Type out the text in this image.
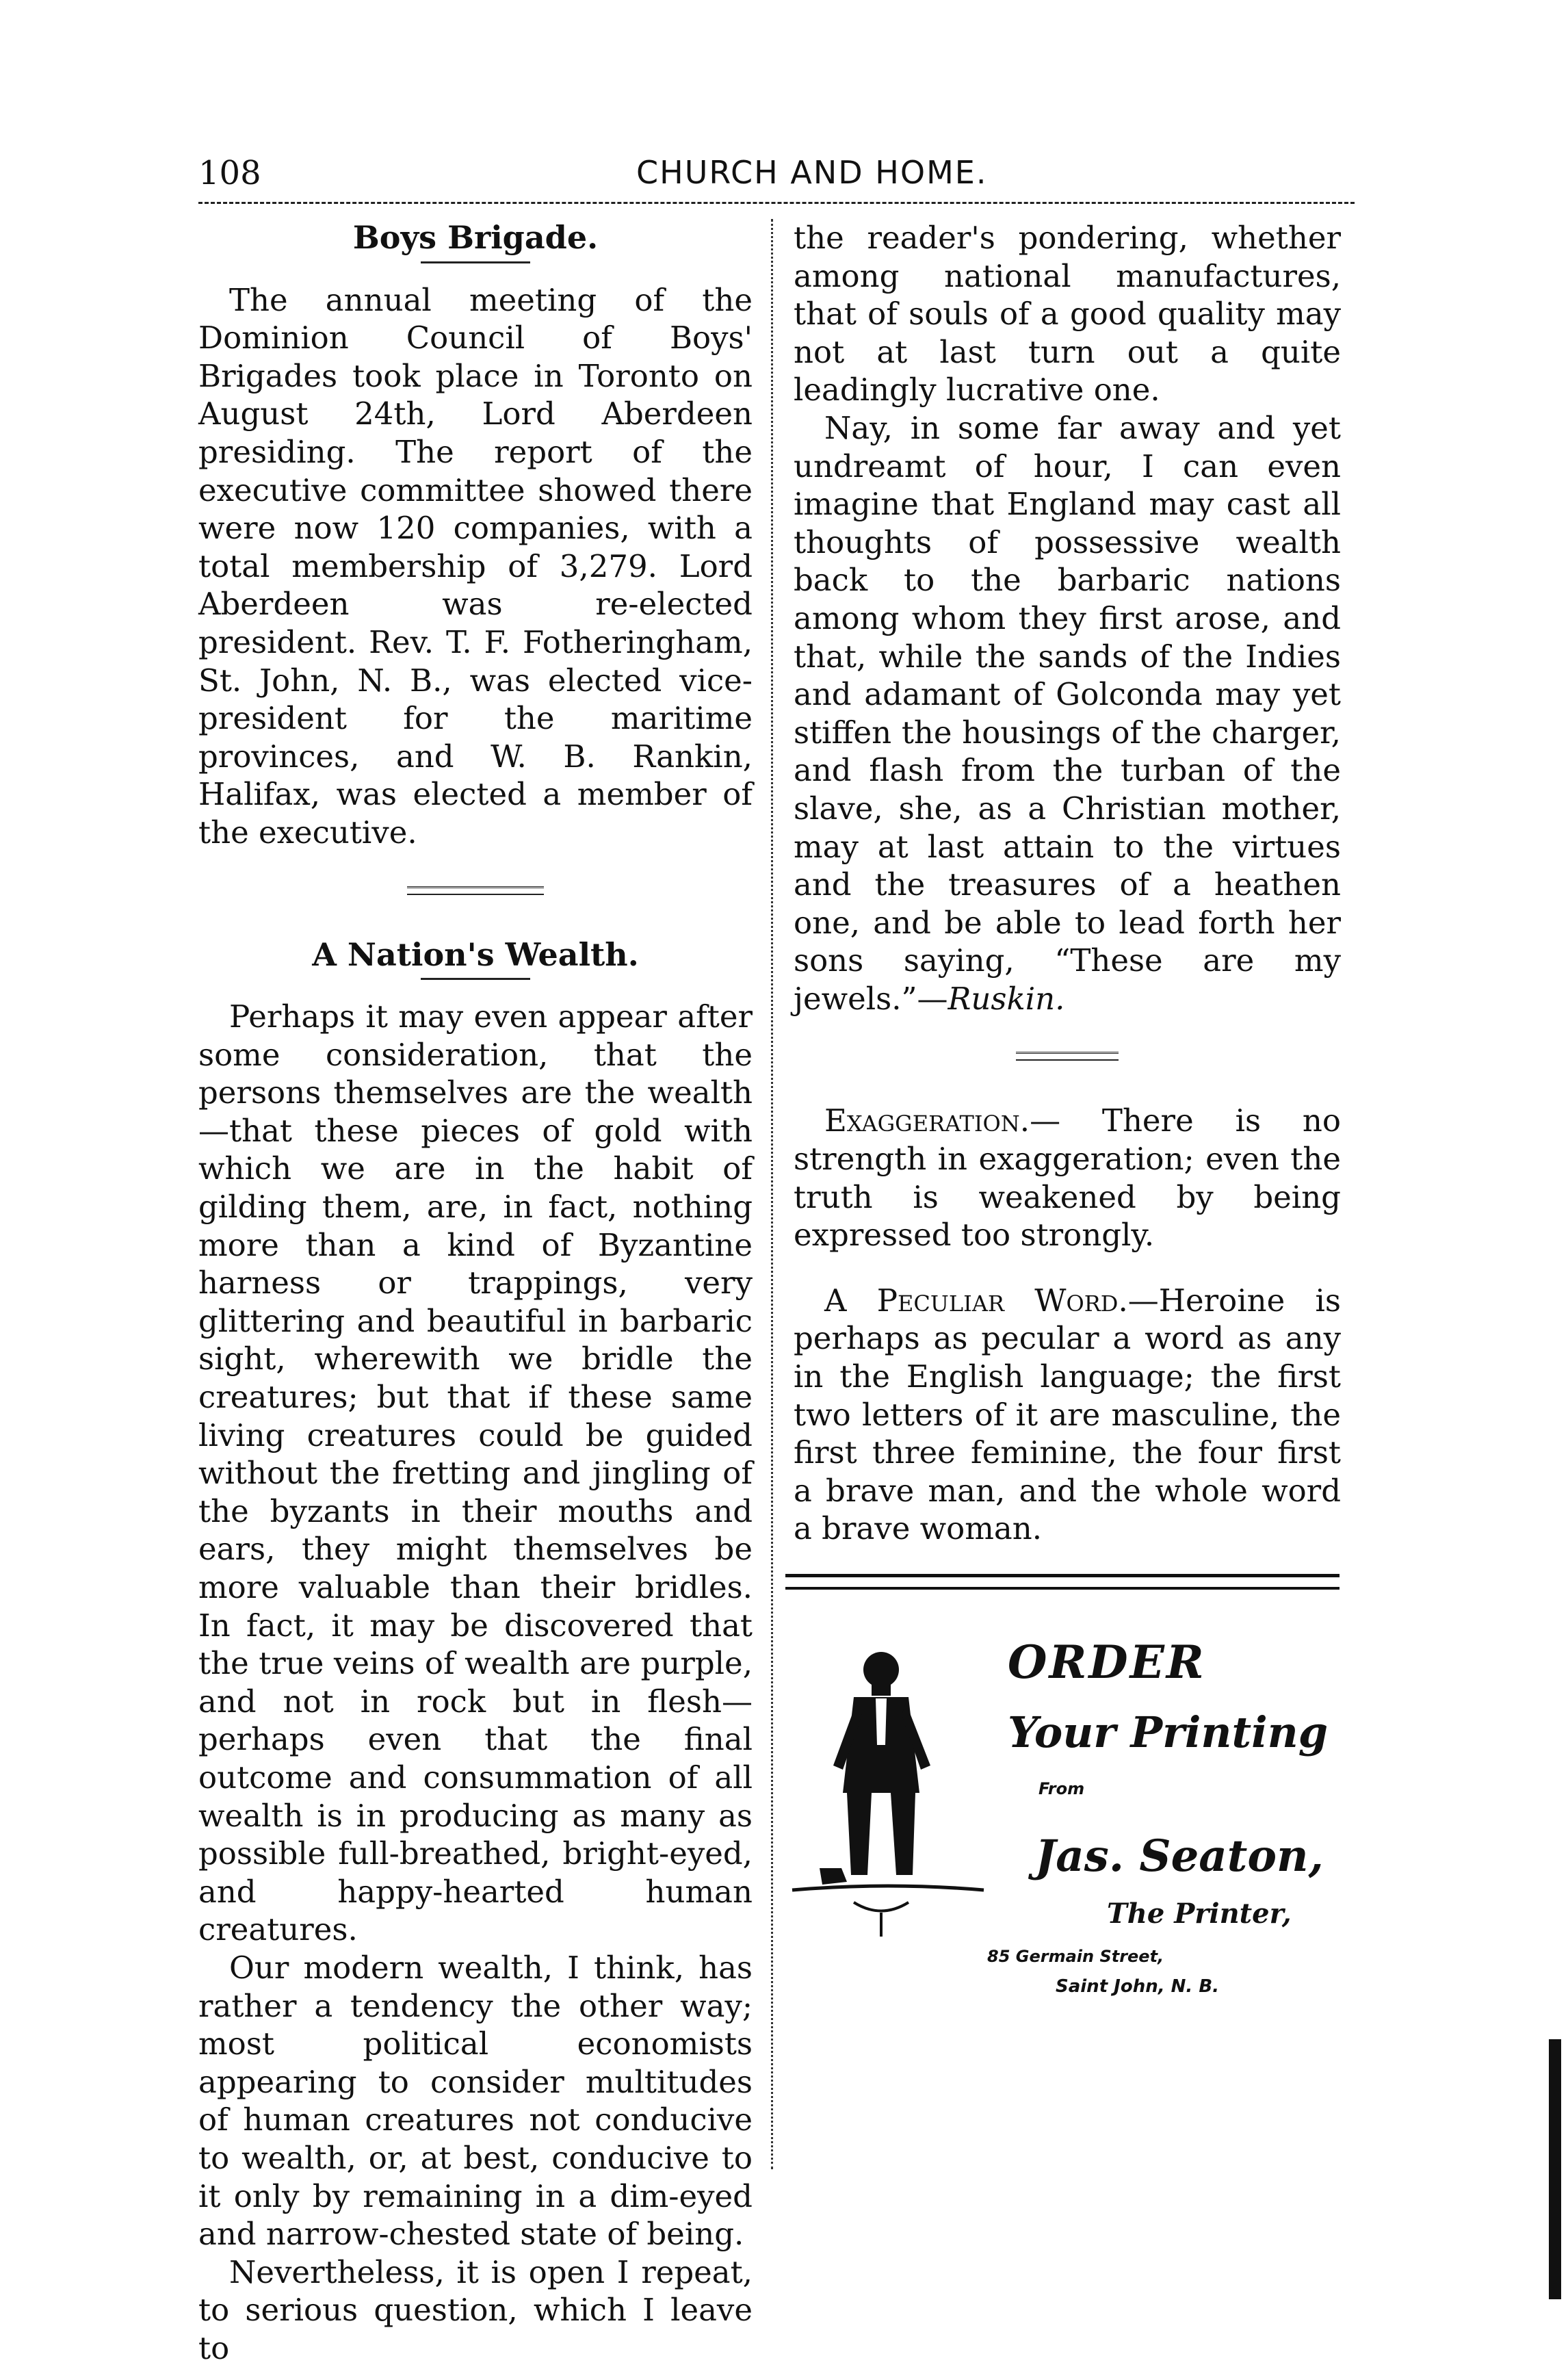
108	CHURCH AND HOME.
Boys Brigade.

The annual meeting of the Dominion Council of Boys' Brigades took place in Toronto on August 24th, Lord Aberdeen presiding. The report of the executive committee showed there were now 120 companies, with a total membership of 3,279. Lord Aberdeen was re-elected president. Rev. T. F. Fotheringham, St. John, N. B., was elected vice-president for the maritime provinces, and W. B. Rankin, Halifax, was elected a member of the executive.

A Nation's Wealth.

Perhaps it may even appear after some consideration, that the persons themselves are the wealth—that these pieces of gold with which we are in the habit of gilding them, are, in fact, nothing more than a kind of Byzantine harness or trappings, very glittering and beautiful in barbaric sight, wherewith we bridle the creatures; but that if these same living creatures could be guided without the fretting and jingling of the byzants in their mouths and ears, they might themselves be more valuable than their bridles. In fact, it may be discovered that the true veins of wealth are purple, and not in rock but in flesh—perhaps even that the final outcome and consummation of all wealth is in producing as many as possible full-breathed, bright-eyed, and happy-hearted human creatures.

Our modern wealth, I think, has rather a tendency the other way; most political economists appearing to consider multitudes of human creatures not conducive to wealth, or, at best, conducive to it only by remaining in a dim-eyed and narrow-chested state of being.

Nevertheless, it is open I repeat, to serious question, which I leave to

the reader's pondering, whether among national manufactures, that of souls of a good quality may not at last turn out a quite leadingly lucrative one.

Nay, in some far away and yet undreamt of hour, I can even imagine that England may cast all thoughts of possessive wealth back to the barbaric nations among whom they first arose, and that, while the sands of the Indies and adamant of Golconda may yet stiffen the housings of the charger, and flash from the turban of the slave, she, as a Christian mother, may at last attain to the virtues and the treasures of a heathen one, and be able to lead forth her sons saying, “These are my jewels.”—Ruskin.

Exaggeration.— There is no strength in exaggeration; even the truth is weakened by being expressed too strongly.

A Peculiar Word.—Heroine is perhaps as pecular a word as any in the English language; the first two letters of it are masculine, the first three feminine, the four first a brave man, and the whole word a brave woman.

ORDER
Your Printing
From
Jas. Seaton,
The Printer,
85 Germain Street,
Saint John, N. B.
